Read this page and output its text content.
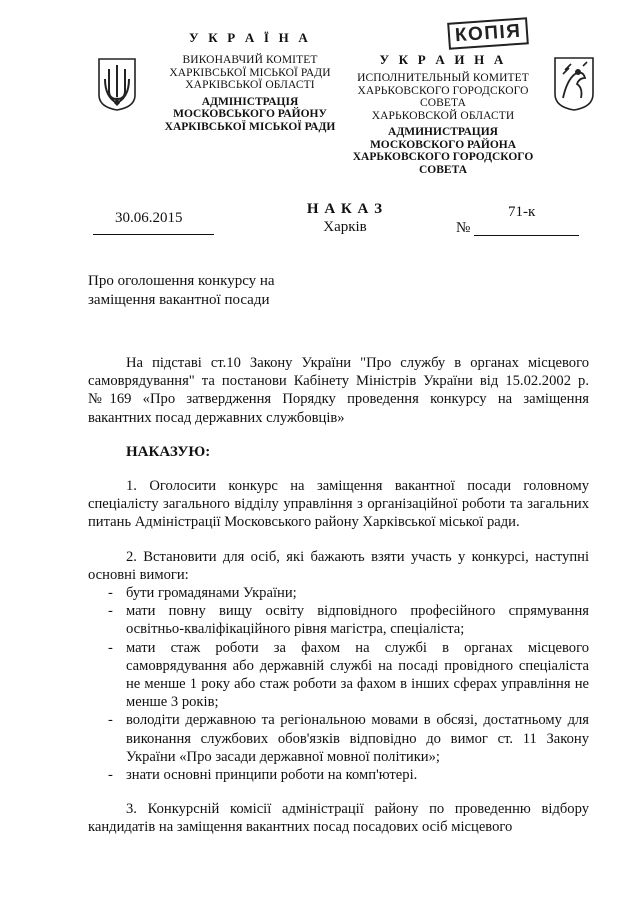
КОПІЯ
У К Р А Ї Н А
ВИКОНАВЧИЙ КОМІТЕТ
ХАРКІВСЬКОЇ МІСЬКОЇ РАДИ
ХАРКІВСЬКОЇ ОБЛАСТІ
АДМІНІСТРАЦІЯ
МОСКОВСЬКОГО РАЙОНУ
ХАРКІВСЬКОЇ МІСЬКОЇ РАДИ
У К Р А И Н А
ИСПОЛНИТЕЛЬНЫЙ КОМИТЕТ
ХАРЬКОВСКОГО ГОРОДСКОГО СОВЕТА
ХАРЬКОВСКОЙ ОБЛАСТИ
АДМИНИСТРАЦИЯ
МОСКОВСКОГО РАЙОНА
ХАРЬКОВСКОГО ГОРОДСКОГО СОВЕТА
30.06.2015
Н А К А З
Харків
71-к
№
Про оголошення конкурсу на
заміщення вакантної посади

На підставі ст.10 Закону України "Про службу в органах місцевого самоврядування" та постанови Кабінету Міністрів України від 15.02.2002 р. №169 «Про затвердження Порядку проведення конкурсу на заміщення вакантних посад державних службовців»

НАКАЗУЮ:

1. Оголосити конкурс на заміщення вакантної посади головному спеціалісту загального відділу управління з організаційної роботи та загальних питань Адміністрації Московського району Харківської міської ради.

2. Встановити для осіб, які бажають взяти участь у конкурсі, наступні основні вимоги:

- бути громадянами України;
- мати повну вищу освіту відповідного професійного спрямування освітньо-кваліфікаційного рівня магістра, спеціаліста;
- мати стаж роботи за фахом на службі в органах місцевого самоврядування або державній службі на посаді провідного спеціаліста не менше 1 року або стаж роботи за фахом в інших сферах управління не менше 3 років;
- володіти державною та регіональною мовами в обсязі, достатньому для виконання службових обов'язків відповідно до вимог ст. 11 Закону України «Про засади державної мовної політики»;
- знати основні принципи роботи на комп'ютері.

3. Конкурсній комісії адміністрації району по проведенню відбору кандидатів на заміщення вакантних посад посадових осіб місцевого
